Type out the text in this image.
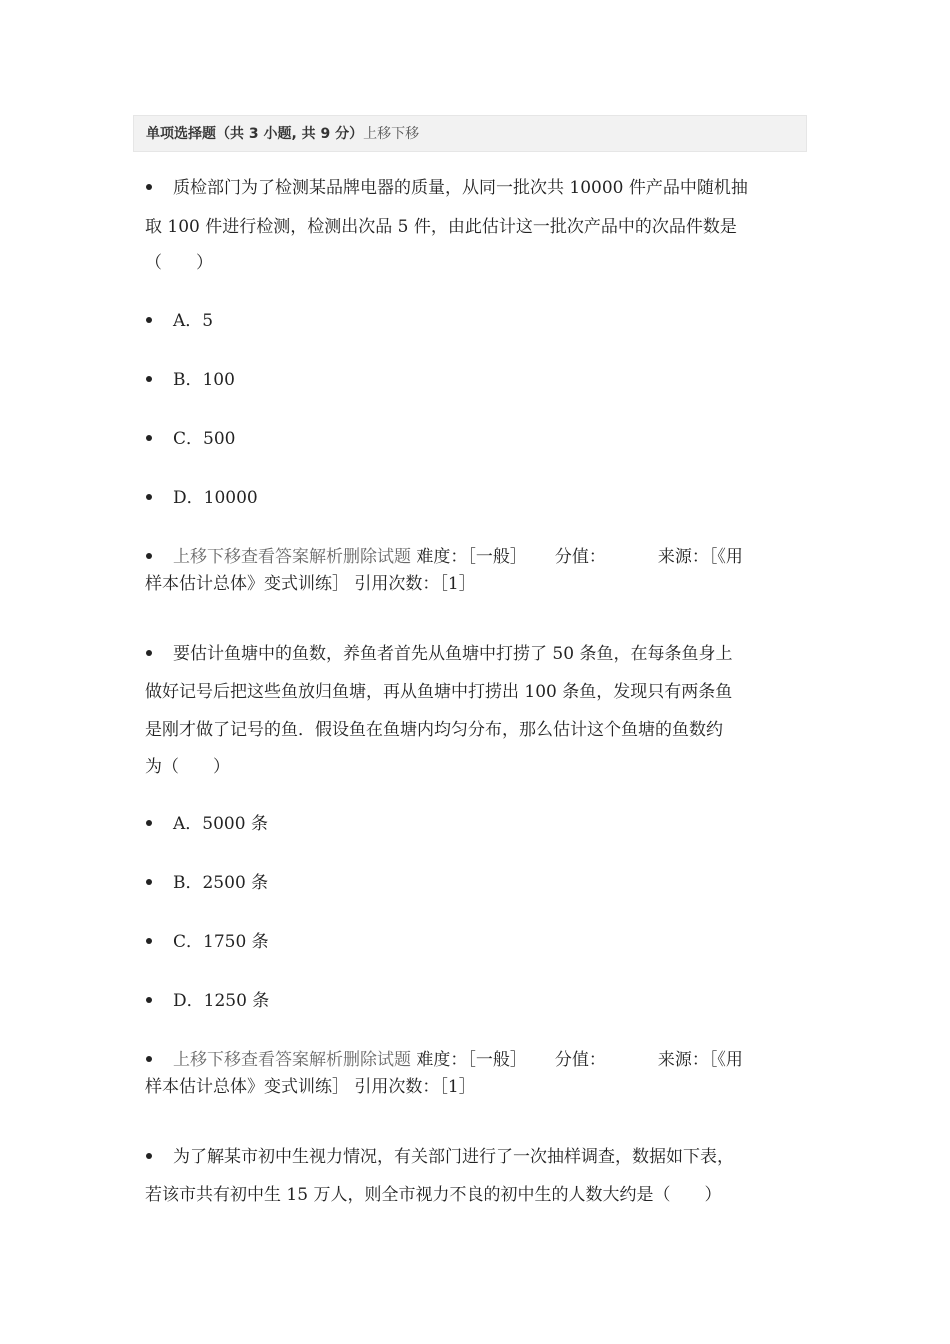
单项选择题（共 3 小题, 共 9 分）上移下移
质检部门为了检测某品牌电器的质量，从同一批次共 10000 件产品中随机抽
取 100 件进行检测，检测出次品 5 件，由此估计这一批次产品中的次品件数是
（　　）
A．5
B．100
C．500
D．10000
上移下移查看答案解析删除试题 难度：［一般］ 分值：	来源：［《用
样本估计总体》变式训练］ 引用次数：［1］
要估计鱼塘中的鱼数，养鱼者首先从鱼塘中打捞了 50 条鱼，在每条鱼身上
做好记号后把这些鱼放归鱼塘，再从鱼塘中打捞出 100 条鱼，发现只有两条鱼
是刚才做了记号的鱼．假设鱼在鱼塘内均匀分布，那么估计这个鱼塘的鱼数约
为（　　）
A．5000 条
B．2500 条
C．1750 条
D．1250 条
上移下移查看答案解析删除试题 难度：［一般］ 分值：	来源：［《用
样本估计总体》变式训练］ 引用次数：［1］
为了解某市初中生视力情况，有关部门进行了一次抽样调查，数据如下表，
若该市共有初中生 15 万人，则全市视力不良的初中生的人数大约是（　　）
